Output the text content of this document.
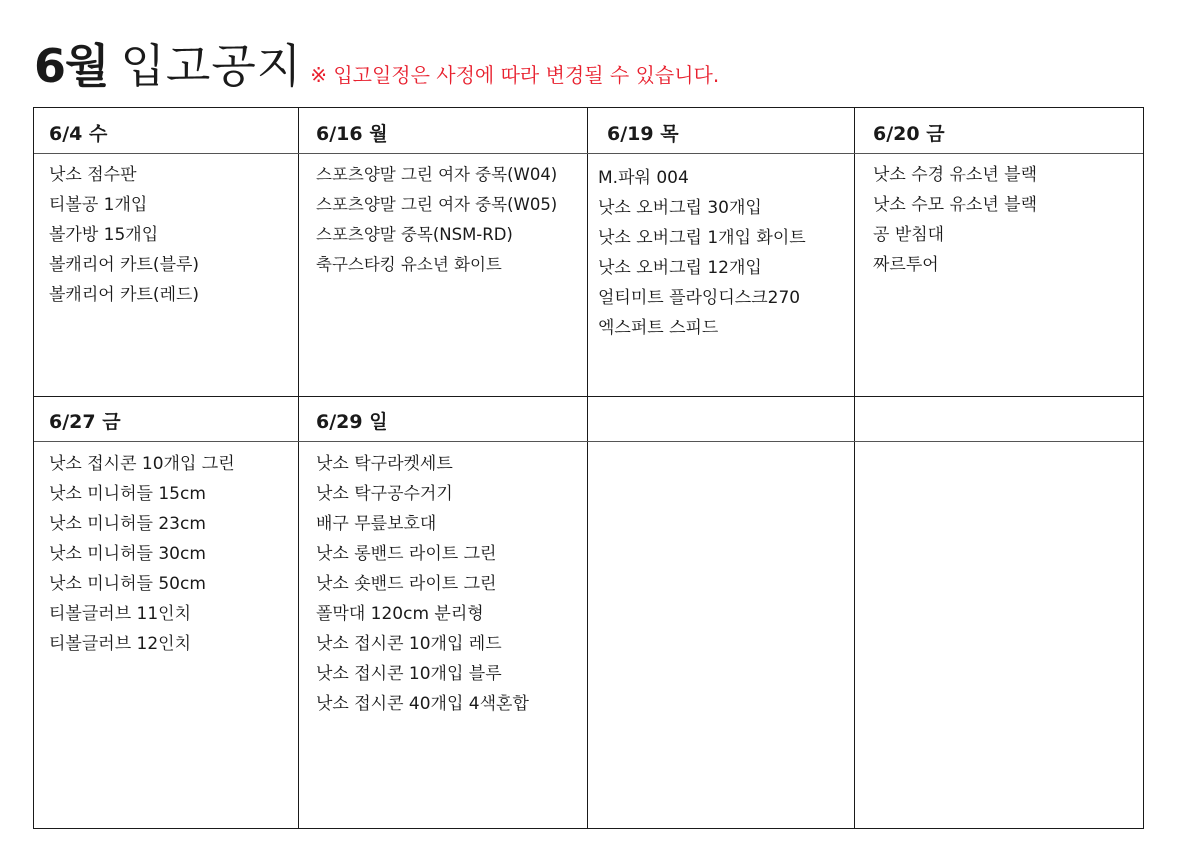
6월 입고공지 ※ 입고일정은 사정에 따라 변경될 수 있습니다.
6/4 수
낫소 점수판
티볼공 1개입
볼가방 15개입
볼캐리어 카트(블루)
볼캐리어 카트(레드)
6/16 월
스포츠양말 그린 여자 중목(W04)
스포츠양말 그린 여자 중목(W05)
스포츠양말 중목(NSM-RD)
축구스타킹 유소년 화이트
6/19 목
M.파워 004
낫소 오버그립 30개입
낫소 오버그립 1개입 화이트
낫소 오버그립 12개입
얼티미트 플라잉디스크270
엑스퍼트 스피드
6/20 금
낫소 수경 유소년 블랙
낫소 수모 유소년 블랙
공 받침대
짜르투어
6/27 금
낫소 접시콘 10개입 그린
낫소 미니허들 15cm
낫소 미니허들 23cm
낫소 미니허들 30cm
낫소 미니허들 50cm
티볼글러브 11인치
티볼글러브 12인치
6/29 일
낫소 탁구라켓세트
낫소 탁구공수거기
배구 무릎보호대
낫소 롱밴드 라이트 그린
낫소 숏밴드 라이트 그린
폴막대 120cm 분리형
낫소 접시콘 10개입 레드
낫소 접시콘 10개입 블루
낫소 접시콘 40개입 4색혼합
